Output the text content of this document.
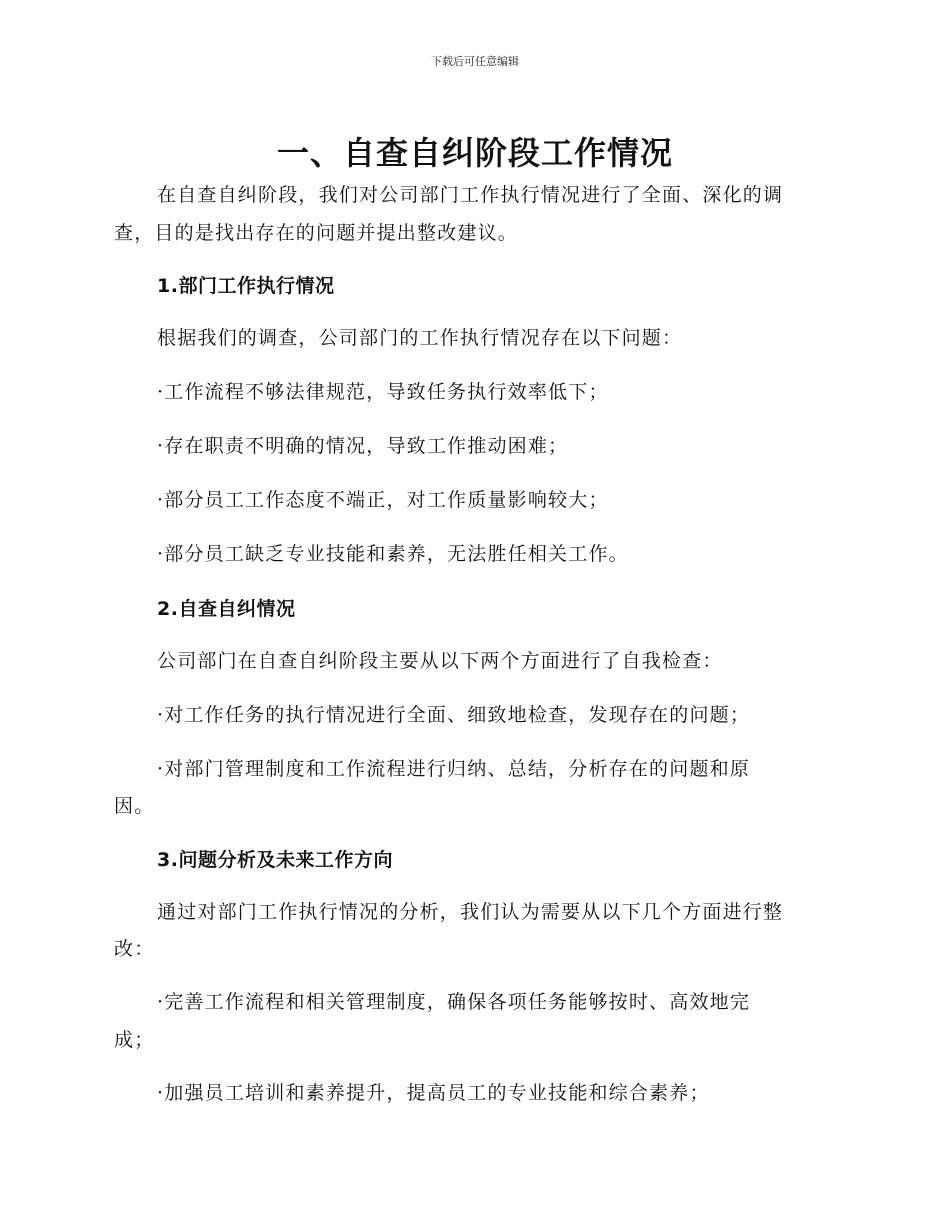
下载后可任意编辑
一、自查自纠阶段工作情况
在自查自纠阶段，我们对公司部门工作执行情况进行了全面、深化的调
查，目的是找出存在的问题并提出整改建议。
1.部门工作执行情况
根据我们的调查，公司部门的工作执行情况存在以下问题：
·工作流程不够法律规范，导致任务执行效率低下；
·存在职责不明确的情况，导致工作推动困难；
·部分员工工作态度不端正，对工作质量影响较大；
·部分员工缺乏专业技能和素养，无法胜任相关工作。
2.自查自纠情况
公司部门在自查自纠阶段主要从以下两个方面进行了自我检查：
·对工作任务的执行情况进行全面、细致地检查，发现存在的问题；
·对部门管理制度和工作流程进行归纳、总结，分析存在的问题和原
因。
3.问题分析及未来工作方向
通过对部门工作执行情况的分析，我们认为需要从以下几个方面进行整
改：
·完善工作流程和相关管理制度，确保各项任务能够按时、高效地完
成；
·加强员工培训和素养提升，提高员工的专业技能和综合素养；
